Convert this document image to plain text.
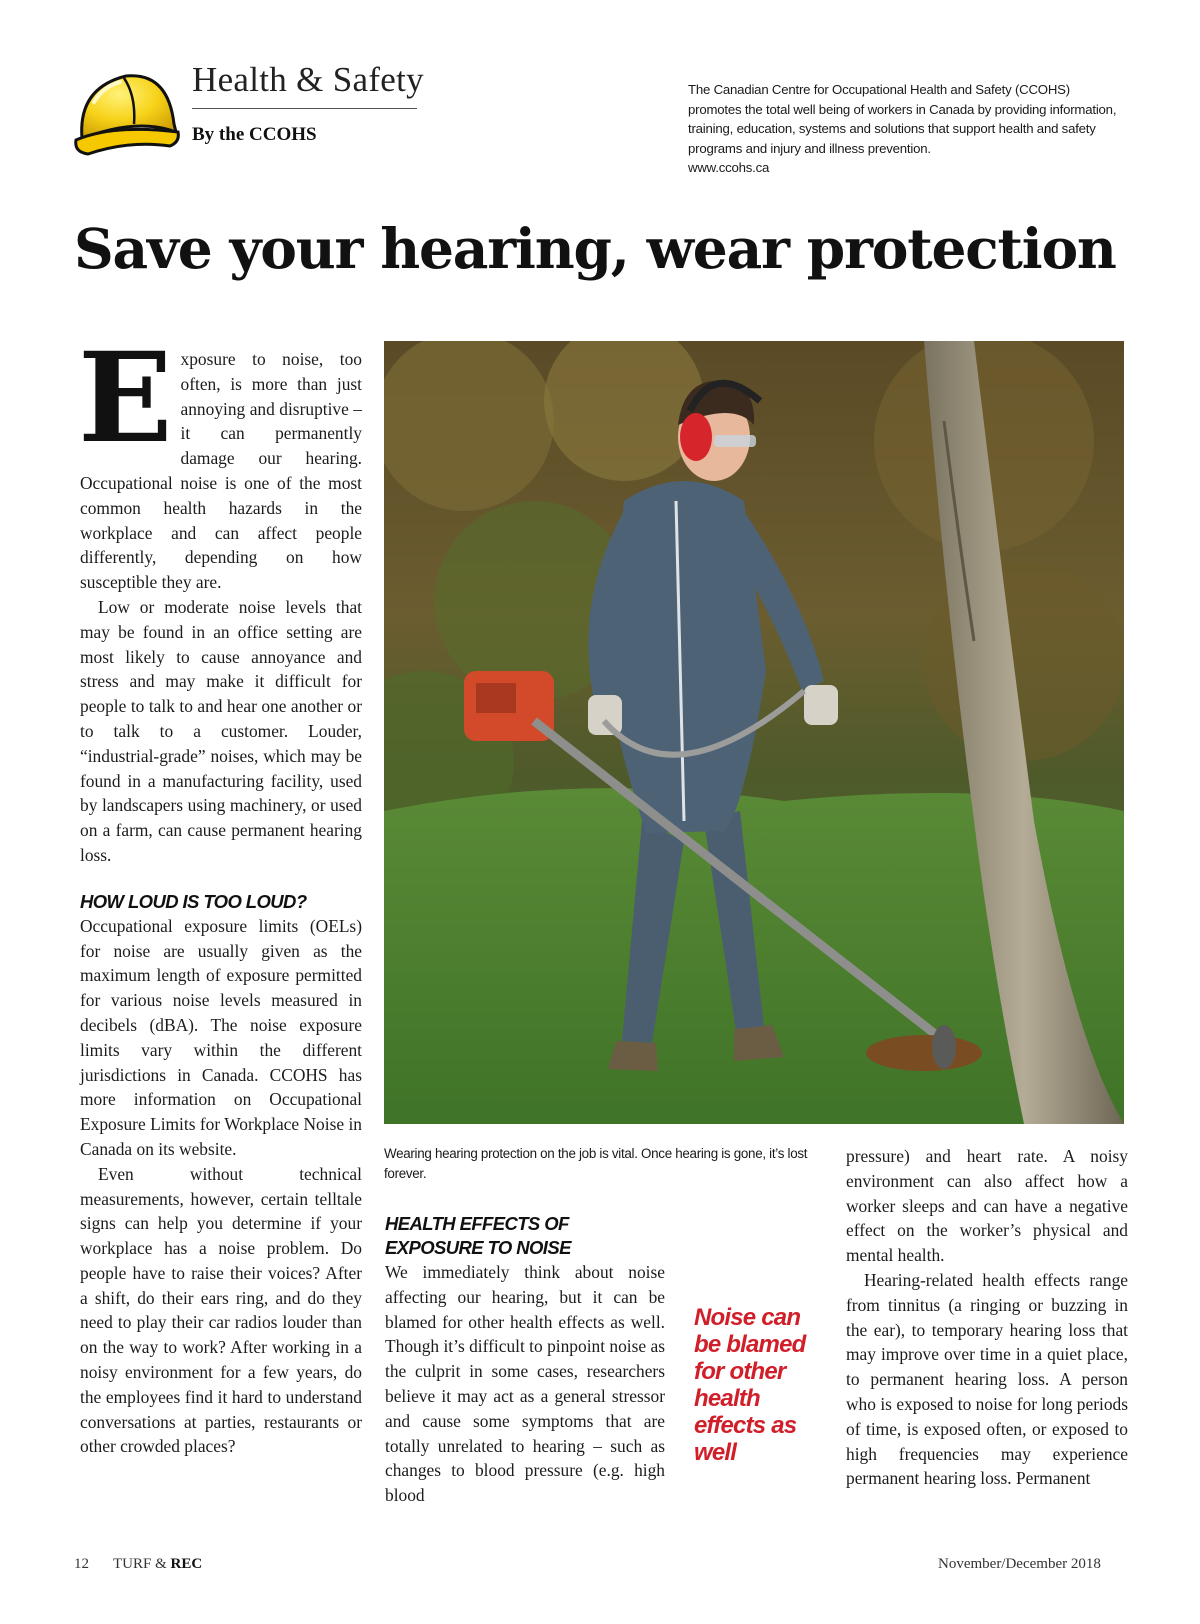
Health & Safety
By the CCOHS
The Canadian Centre for Occupational Health and Safety (CCOHS) promotes the total well being of workers in Canada by providing information, training, education, systems and solutions that support health and safety programs and injury and illness prevention.
www.ccohs.ca
Save your hearing, wear protection

Exposure to noise, too often, is more than just annoying and disruptive – it can permanently damage our hearing. Occupational noise is one of the most common health hazards in the workplace and can affect people differently, depending on how susceptible they are.

Low or moderate noise levels that may be found in an office setting are most likely to cause annoyance and stress and may make it difficult for people to talk to and hear one another or to talk to a customer. Louder, “industrial-grade” noises, which may be found in a manufacturing facility, used by landscapers using machinery, or used on a farm, can cause permanent hearing loss.

HOW LOUD IS TOO LOUD?

Occupational exposure limits (OELs) for noise are usually given as the maximum length of exposure permitted for various noise levels measured in decibels (dBA). The noise exposure limits vary within the different jurisdictions in Canada. CCOHS has more information on Occupational Exposure Limits for Workplace Noise in Canada on its website.

Even without technical measurements, however, certain telltale signs can help you determine if your workplace has a noise problem. Do people have to raise their voices? After a shift, do their ears ring, and do they need to play their car radios louder than on the way to work? After working in a noisy environment for a few years, do the employees find it hard to understand conversations at parties, restaurants or other crowded places?

Wearing hearing protection on the job is vital. Once hearing is gone, it’s lost forever.
HEALTH EFFECTS OF EXPOSURE TO NOISE

We immediately think about noise affecting our hearing, but it can be blamed for other health effects as well. Though it’s difficult to pinpoint noise as the culprit in some cases, researchers believe it may act as a general stressor and cause some symptoms that are totally unrelated to hearing – such as changes to blood pressure (e.g. high blood

Noise can be blamed for other health effects as well

pressure) and heart rate. A noisy environment can also affect how a worker sleeps and can have a negative effect on the worker’s physical and mental health.

Hearing-related health effects range from tinnitus (a ringing or buzzing in the ear), to temporary hearing loss that may improve over time in a quiet place, to permanent hearing loss. A person who is exposed to noise for long periods of time, is exposed often, or exposed to high frequencies may experience permanent hearing loss. Permanent

12 TURF & REC	November/December 2018
